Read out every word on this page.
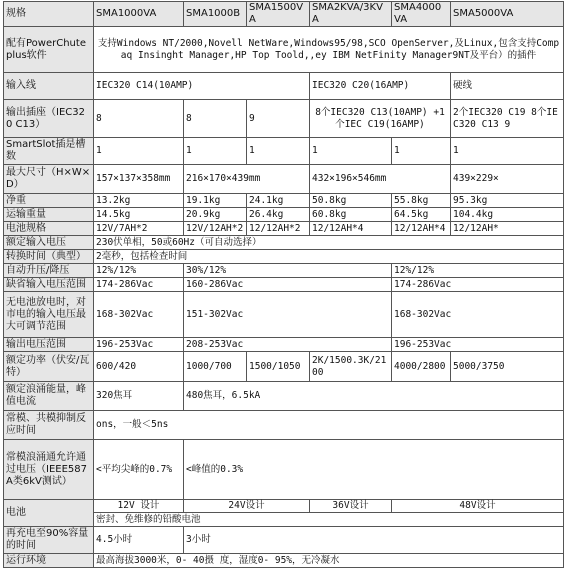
规格	SMA1000VA	SMA1000B	SMA1500VA	SMA2KVA/3KVA	SMA4000VA	SMA5000VA
配有PowerChute plus软件	支持Windows NT/2000,Novell NetWare,Windows95/98,SCO OpenServer,及Linux,包含支持Compaq Insinght Manager,HP Top Toold,,ey IBM NetFinity Manager9NT及平台）的插件					
输入线	IEC320 C14(10AMP)			IEC320 C20(16AMP)		硬线
输出插座（IEC320 C13）	8	8	9	8个IEC320 C13(10AMP) +1个IEC C19(16AMP)		2个IEC320 C19 8个IEC320 C13 9
SmartSlot插是槽数	1	1	1	1	1	1
最大尺寸（H×W×D）	157×137×358mm	216×170×439mm		432×196×546mm		439×229×
净重	13.2kg	19.1kg	24.1kg	50.8kg	55.8kg	95.3kg
运输重量	14.5kg	20.9kg	26.4kg	60.8kg	64.5kg	104.4kg
电池规格	12V/7AH*2	12V/12AH*2	12/12AH*2	12/12AH*4	12/12AH*4	12/12AH*
额定输入电压	230伏单相，50或60Hz（可自动选择）					
转换时间（典型）	2毫秒，包括检查时间					
自动升压/降压	12%/12%	30%/12%			12%/12%	
缺省输入电压范围	174-286Vac	160-286Vac			174-286Vac	
无电池放电时，对市电的输入电压最大可调节范围	168-302Vac	151-302Vac			168-302Vac	
输出电压范围	196-253Vac	208-253Vac			196-253Vac	
额定功率（伏安/瓦特）	600/420	1000/700	1500/1050	2K/1500.3K/2100	4000/2800	5000/3750
额定浪涌能量，峰值电流	320焦耳	480焦耳，6.5kA				
常模、共模抑制反应时间	ons，一般＜5ns					
常模浪涌通允许通过电压（IEEE587 A类6kV测试）	<平均尖峰的0.7%	<峰值的0.3%				
电池	12V 设计	24V设计		36V设计	48V设计	
	密封、免维修的铅酸电池					
再充电至90%容量的时间	4.5小时	3小时				
运行环境	最高海拔3000米，0- 40摄 度，湿度0- 95%，无冷凝水					
